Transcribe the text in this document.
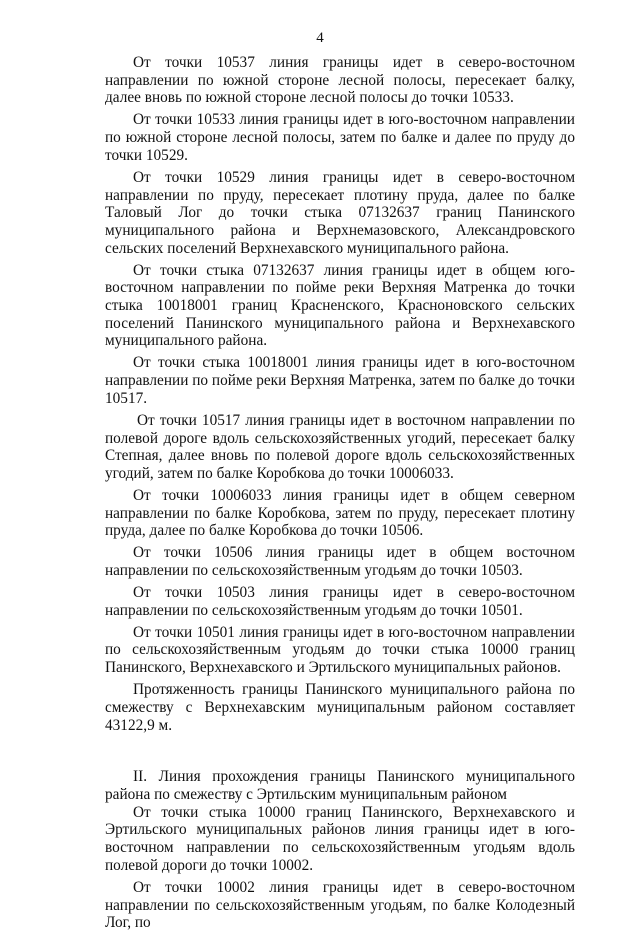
4

От точки 10537 линия границы идет в северо-восточном направлении по южной стороне лесной полосы, пересекает балку, далее вновь по южной стороне лесной полосы до точки 10533.

От точки 10533 линия границы идет в юго-восточном направлении по южной стороне лесной полосы, затем по балке и далее по пруду до точки 10529.

От точки 10529 линия границы идет в северо-восточном направлении по пруду, пересекает плотину пруда, далее по балке Таловый Лог до точки стыка 07132637 границ Панинского муниципального района и Верхнемазовского, Александровского сельских поселений Верхнехавского муниципального района.

От точки стыка 07132637 линия границы идет в общем юго-восточном направлении по пойме реки Верхняя Матренка до точки стыка 10018001 границ Красненского, Красноновского сельских поселений Панинского муниципального района и Верхнехавского муниципального района.

От точки стыка 10018001 линия границы идет в юго-восточном направлении по пойме реки Верхняя Матренка, затем по балке до точки 10517.

От точки 10517 линия границы идет в восточном направлении по полевой дороге вдоль сельскохозяйственных угодий, пересекает балку Степная, далее вновь по полевой дороге вдоль сельскохозяйственных угодий, затем по балке Коробкова до точки 10006033.

От точки 10006033 линия границы идет в общем северном направлении по балке Коробкова, затем по пруду, пересекает плотину пруда, далее по балке Коробкова до точки 10506.

От точки 10506 линия границы идет в общем восточном направлении по сельскохозяйственным угодьям до точки 10503.

От точки 10503 линия границы идет в северо-восточном направлении по сельскохозяйственным угодьям до точки 10501.

От точки 10501 линия границы идет в юго-восточном направлении по сельскохозяйственным угодьям до точки стыка 10000 границ Панинского, Верхнехавского и Эртильского муниципальных районов.

Протяженность границы Панинского муниципального района по смежеству с Верхнехавским муниципальным районом составляет 43122,9 м.

II. Линия прохождения границы Панинского муниципального района по смежеству с Эртильским муниципальным районом

От точки стыка 10000 границ Панинского, Верхнехавского и Эртильского муниципальных районов линия границы идет в юго-восточном направлении по сельскохозяйственным угодьям вдоль полевой дороги до точки 10002.

От точки 10002 линия границы идет в северо-восточном направлении по сельскохозяйственным угодьям, по балке Колодезный Лог, по
